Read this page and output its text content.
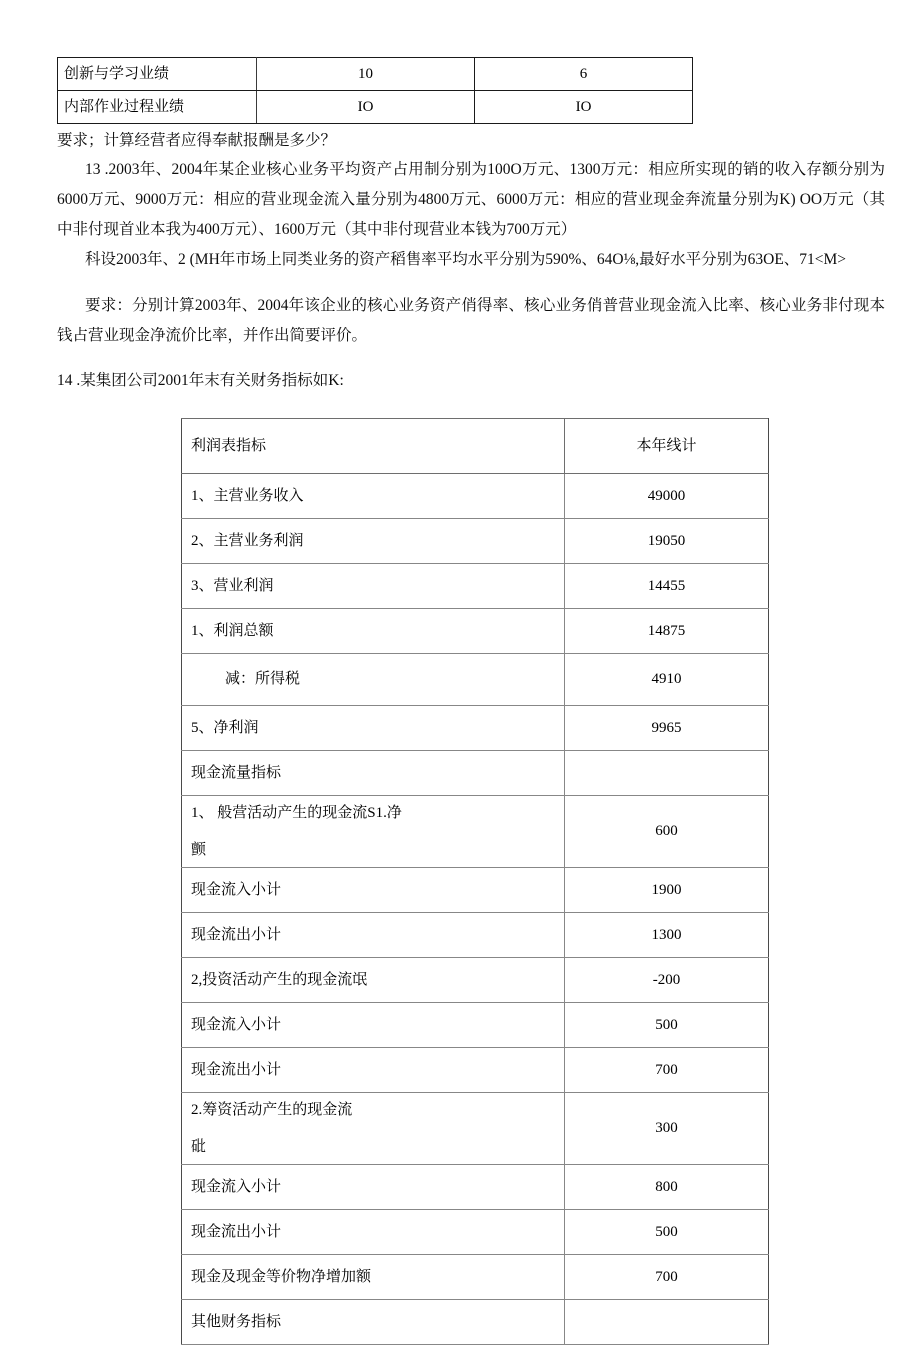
创新与学习业绩	10	6
内部作业过程业绩	IO	IO
要求；计算经营者应得奉献报酬是多少？
13 .2003年、2004年某企业核心业务平均资产占用制分别为100O万元、1300万元：相应所实现的销的收入存额分别为6000万元、9000万元：相应的营业现金流入量分别为4800万元、6000万元：相应的营业现金奔流量分别为K) OO万元（其中非付现首业本我为400万元）、1600万元（其中非付现营业本钱为700万元）
科设2003年、2 (MH年市场上同类业务的资产稻售率平均水平分别为590%、64O⅛,最好水平分别为63OE、71<M>
要求：分别计算2003年、2004年该企业的核心业务资产俏得率、核心业务俏普营业现金流入比率、核心业务非付现本钱占营业现金净流价比率，并作出简要评价。
14 .某集团公司2001年末有关财务指标如K:
利润表指标	本年线计
1、主营业务收入	49000
2、主营业务利润	19050
3、营业利润	14455
1、利润总额	14875
减：所得税	4910
5、净利润	9965
现金流量指标	
1、 般营活动产生的现金流S1.净
颤	600
现金流入小计	1900
现金流出小计	1300
2,投资活动产生的现金流氓	-200
现金流入小计	500
现金流出小计	700
2.筹资活动产生的现金流
砒	300
现金流入小计	800
现金流出小计	500
现金及现金等价物净增加额	700
其他财务指标	
